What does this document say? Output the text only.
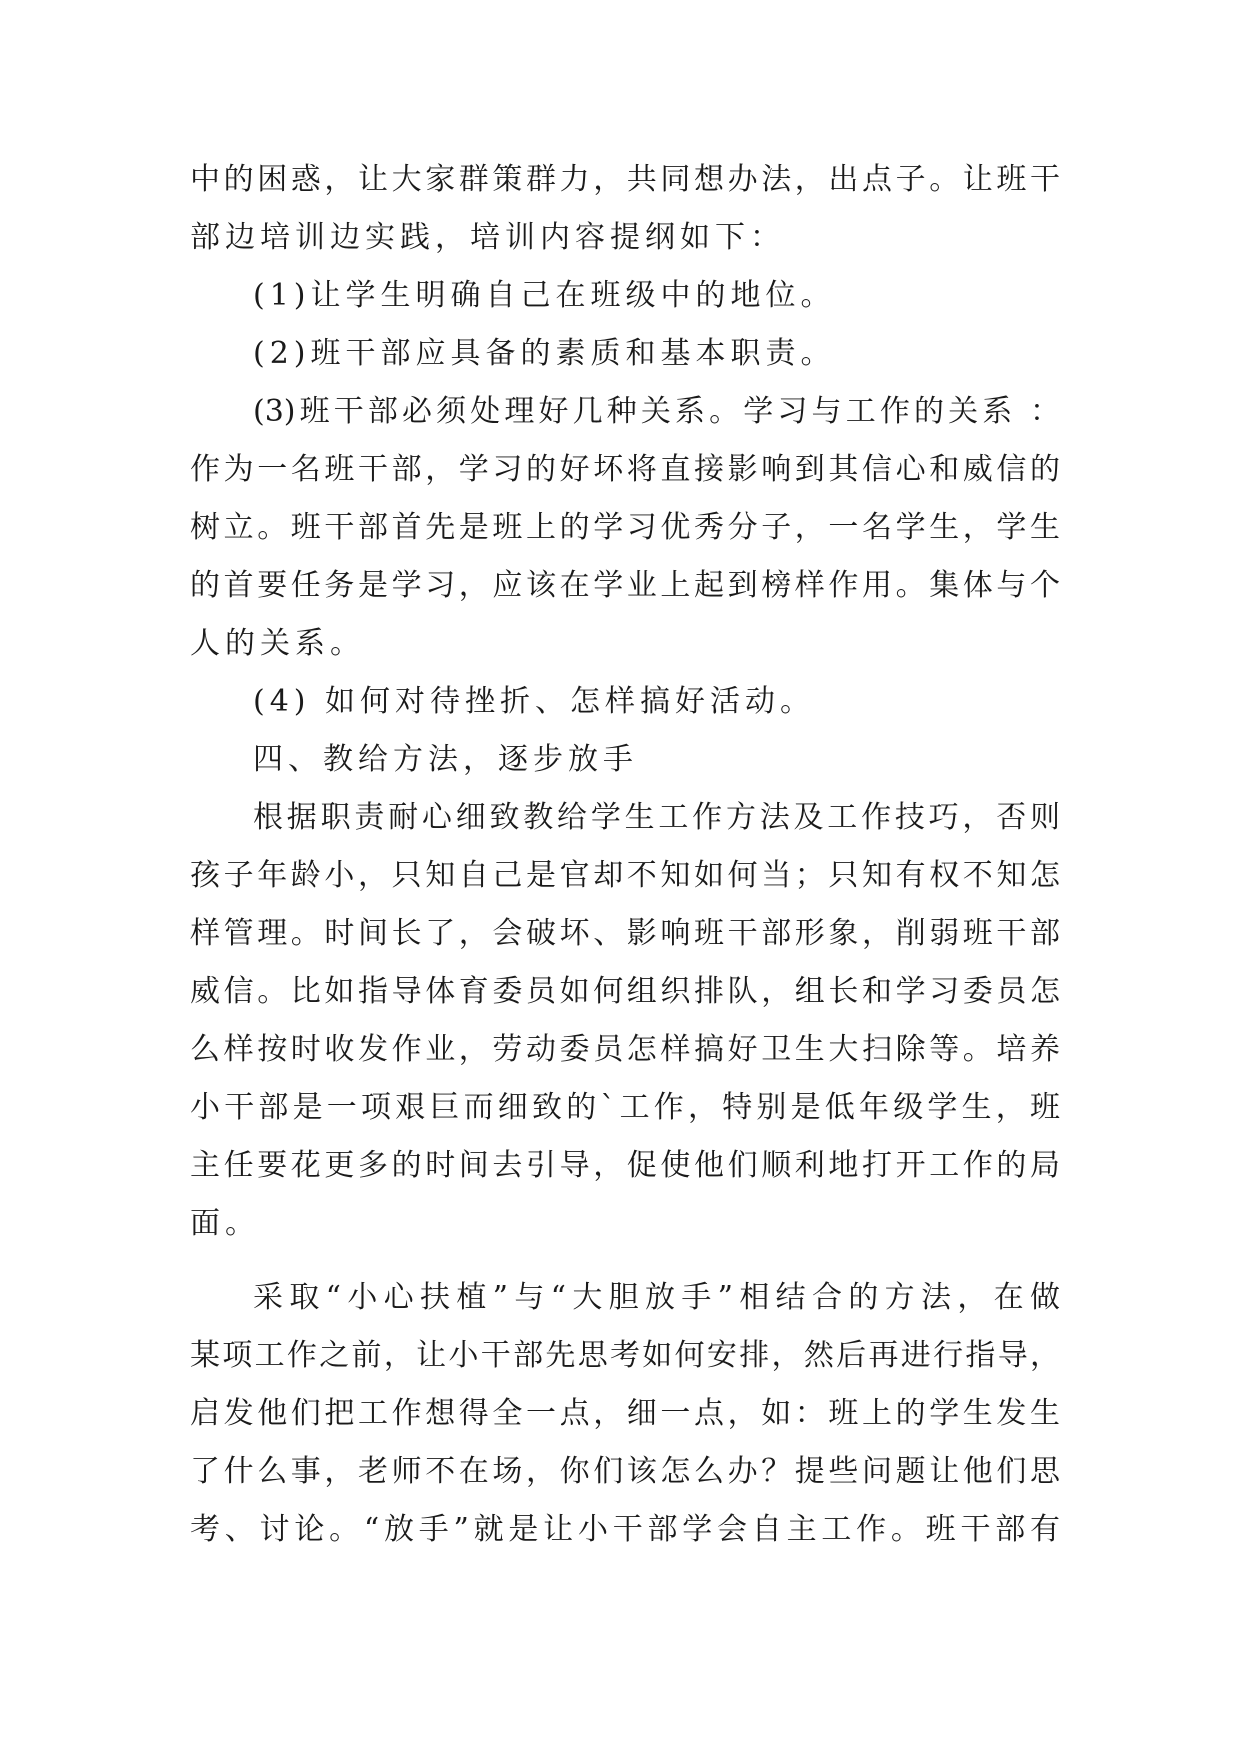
中的困惑，让大家群策群力，共同想办法，出点子。让班干
部边培训边实践，培训内容提纲如下：
(1)让学生明确自己在班级中的地位。
(2)班干部应具备的素质和基本职责。
(3)班干部必须处理好几种关系。学习与工作的关系 ：
作为一名班干部，学习的好坏将直接影响到其信心和威信的
树立。班干部首先是班上的学习优秀分子，一名学生，学生
的首要任务是学习，应该在学业上起到榜样作用。集体与个
人的关系。
(4) 如何对待挫折、怎样搞好活动。
四、教给方法，逐步放手
根据职责耐心细致教给学生工作方法及工作技巧，否则
孩子年龄小，只知自己是官却不知如何当；只知有权不知怎
样管理。时间长了，会破坏、影响班干部形象，削弱班干部
威信。比如指导体育委员如何组织排队，组长和学习委员怎
么样按时收发作业，劳动委员怎样搞好卫生大扫除等。培养
小干部是一项艰巨而细致的`工作，特别是低年级学生，班
主任要花更多的时间去引导，促使他们顺利地打开工作的局
面。
采取“小心扶植”与“大胆放手”相结合的方法，在做
某项工作之前，让小干部先思考如何安排，然后再进行指导，
启发他们把工作想得全一点，细一点，如：班上的学生发生
了什么事，老师不在场，你们该怎么办？提些问题让他们思
考、讨论。“放手”就是让小干部学会自主工作。班干部有
